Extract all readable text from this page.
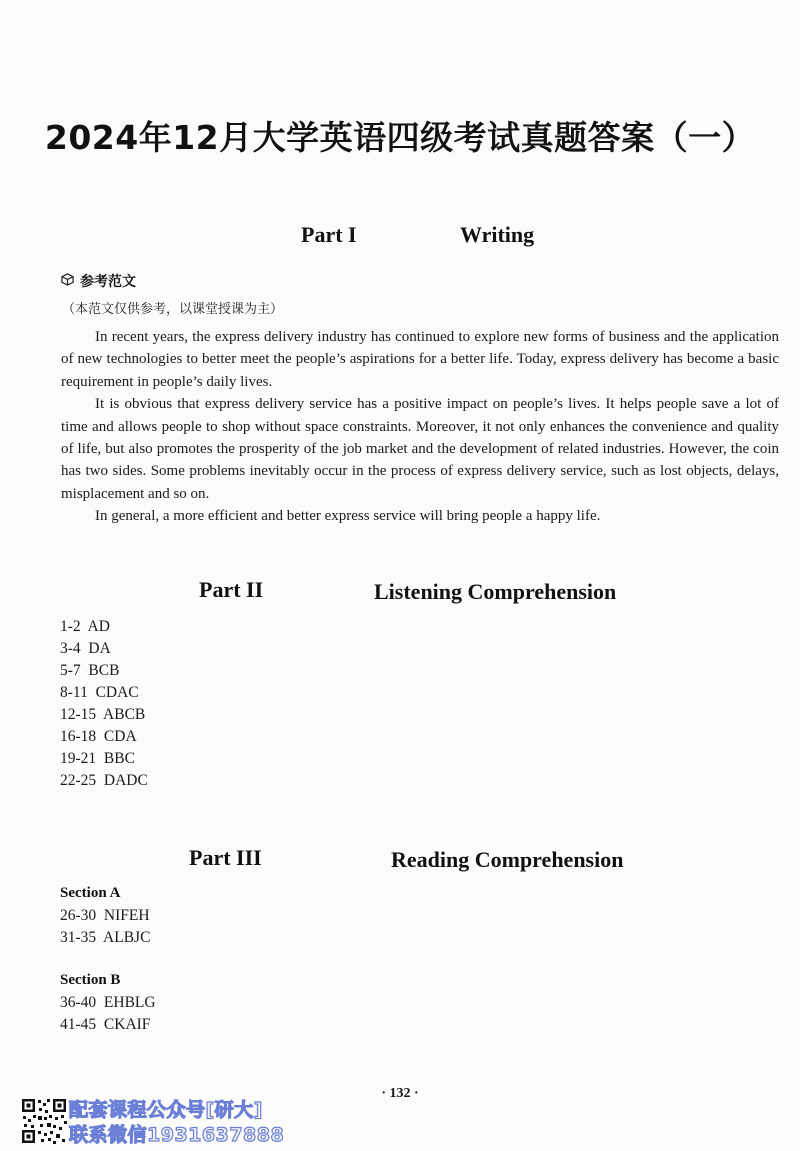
2024年12月大学英语四级考试真题答案（一）
Part I	Writing
参考范文
（本范文仅供参考，以课堂授课为主）

In recent years, the express delivery industry has continued to explore new forms of business and the application of new technologies to better meet the people’s aspirations for a better life. Today, express delivery has become a basic requirement in people’s daily lives.

It is obvious that express delivery service has a positive impact on people’s lives. It helps people save a lot of time and allows people to shop without space constraints. Moreover, it not only enhances the convenience and quality of life, but also promotes the prosperity of the job market and the development of related industries. However, the coin has two sides. Some problems inevitably occur in the process of express delivery service, such as lost objects, delays, misplacement and so on.

In general, a more efficient and better express service will bring people a happy life.

Part II	Listening Comprehension
1-2  AD
3-4  DA
5-7  BCB
8-11  CDAC
12-15  ABCB
16-18  CDA
19-21  BBC
22-25  DADC
Part III	Reading Comprehension
Section A
26-30  NIFEH
31-35  ALBJC
Section B
36-40  EHBLG
41-45  CKAIF
· 132 ·
配套课程公众号[研大]
联系微信1931637888
